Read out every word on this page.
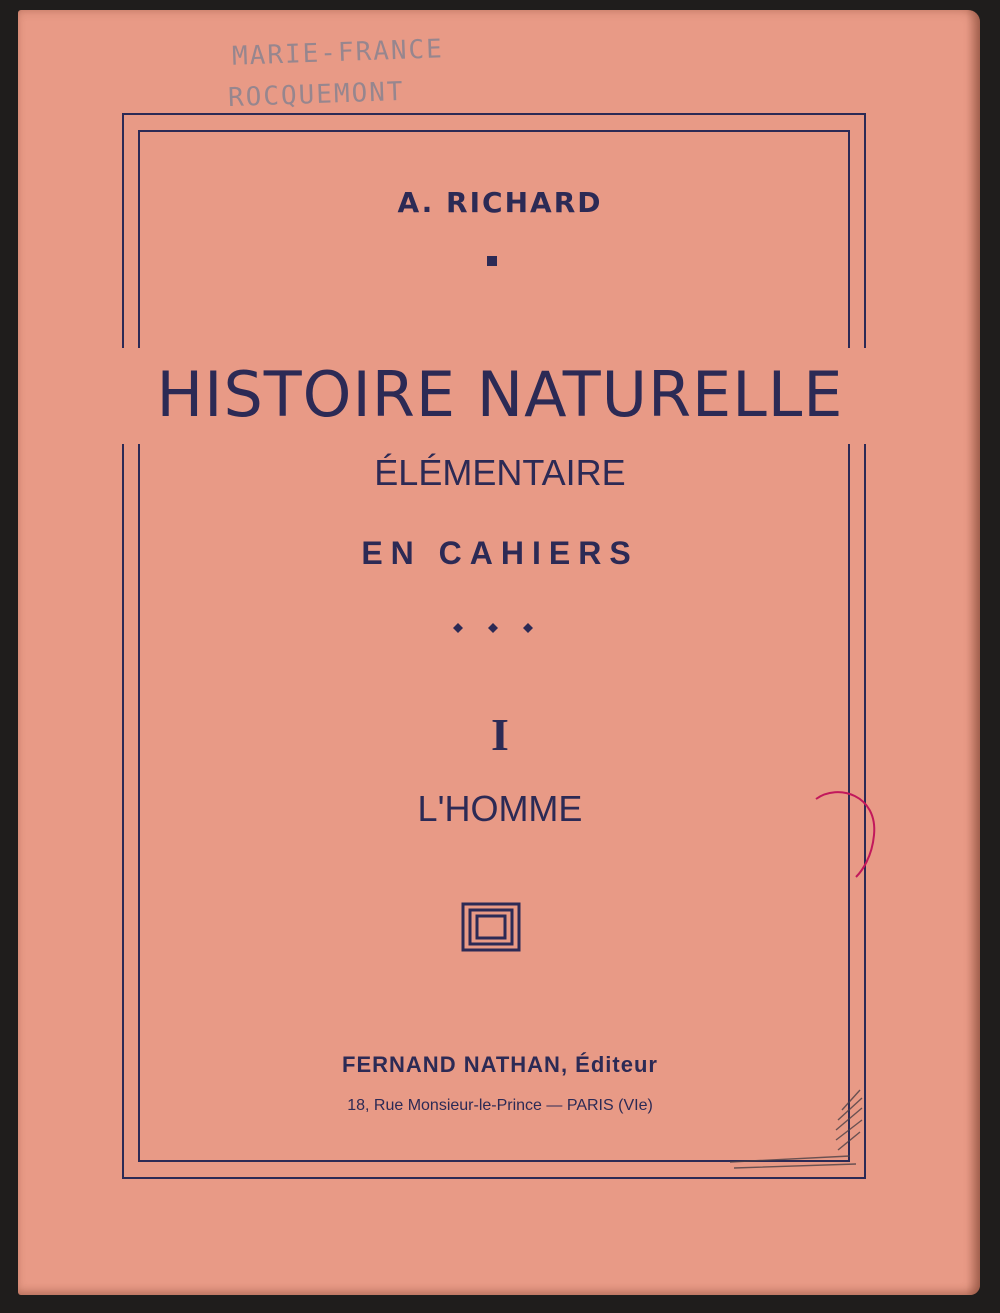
MARIE-FRANCE
ROCQUEMONT
A. RICHARD
HISTOIRE NATURELLE
ÉLÉMENTAIRE
EN CAHIERS
I
L'HOMME
FERNAND NATHAN, Éditeur
18, Rue Monsieur-le-Prince — PARIS (VIe)
